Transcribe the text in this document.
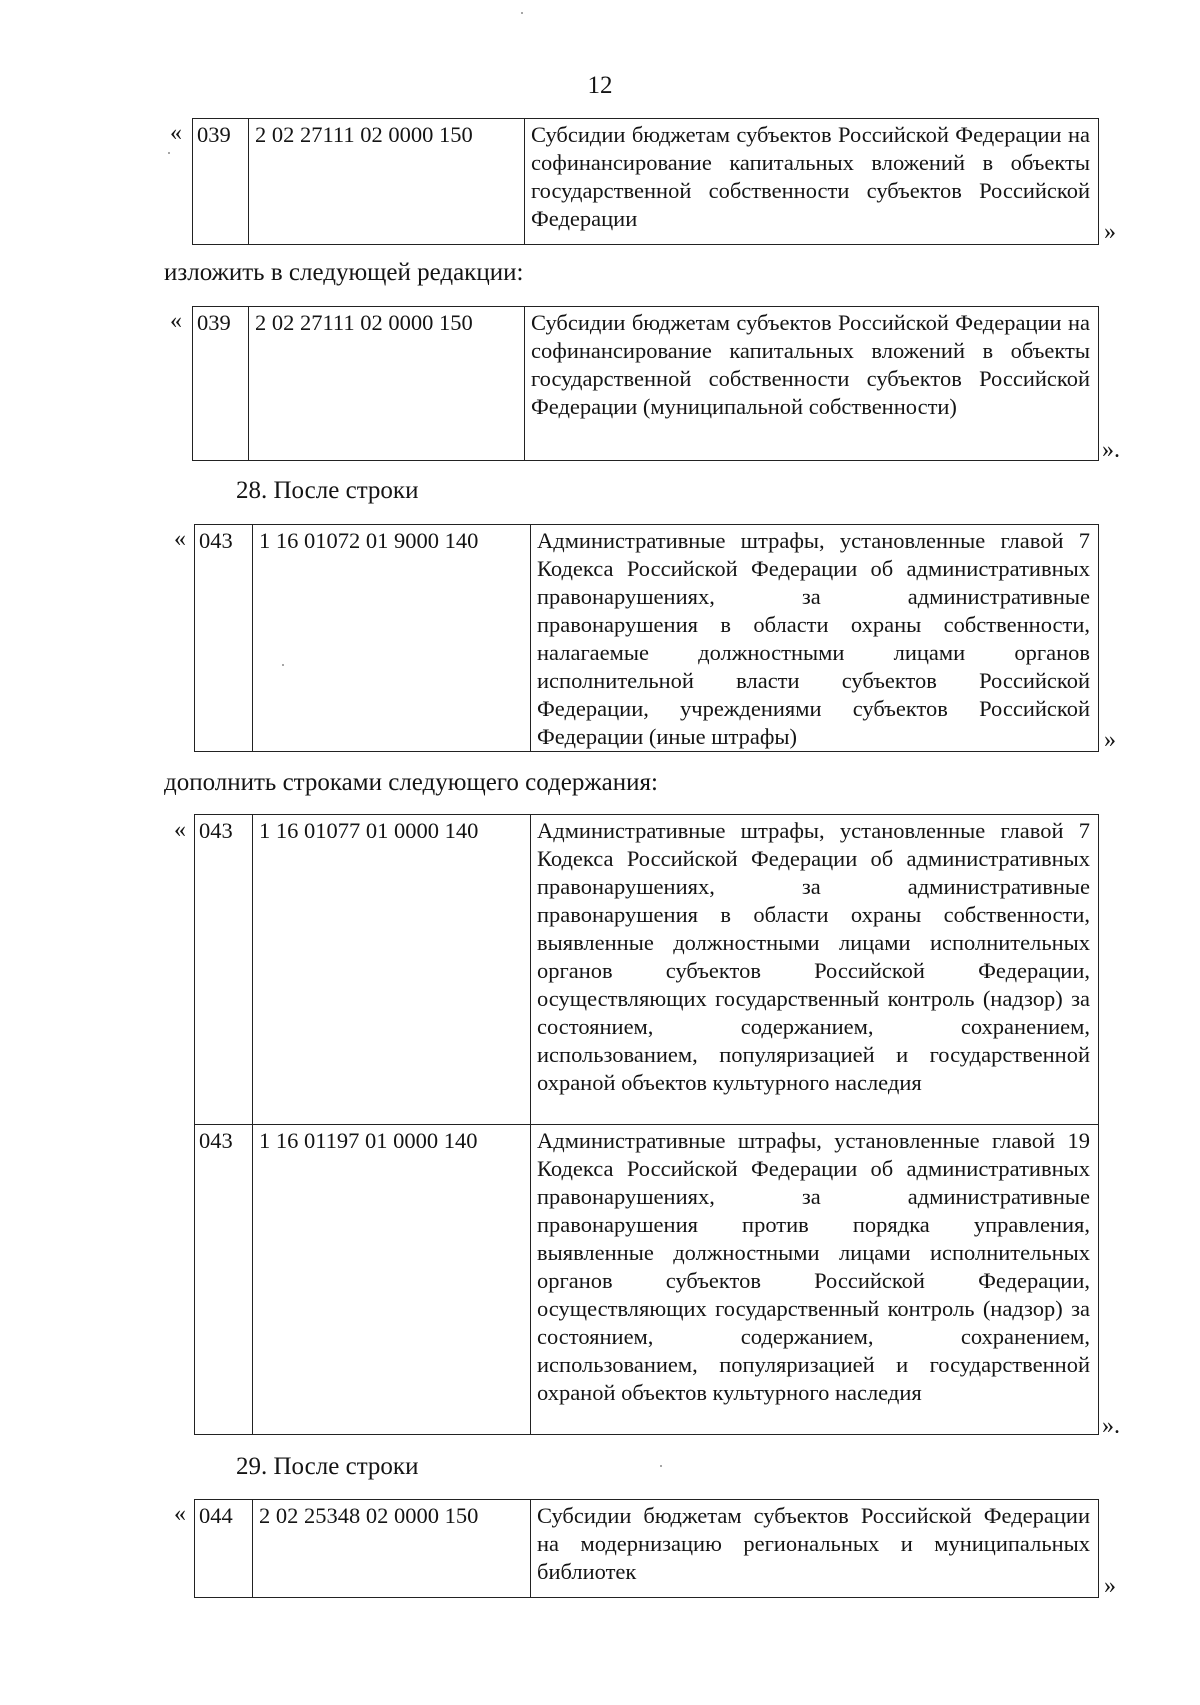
12
« 039	2 02 27111 02 0000 150	Субсидии бюджетам субъектов Российской Федерации на софинансирование капитальных вложений в объекты государственной собственности субъектов Российской Федерации
»
изложить в следующей редакции:
« 039	2 02 27111 02 0000 150	Субсидии бюджетам субъектов Российской Федерации на софинансирование капитальных вложений в объекты государственной собственности субъектов Российской Федерации (муниципальной собственности)
».
28. После строки
« 043	1 16 01072 01 9000 140	Административные штрафы, установленные главой 7 Кодекса Российской Федерации об административных правонарушениях, за административные правонарушения в области охраны собственности, налагаемые должностными лицами органов исполнительной власти субъектов Российской Федерации, учреждениями субъектов Российской Федерации (иные штрафы)	»
дополнить строками следующего содержания:
« 043	1 16 01077 01 0000 140	Административные штрафы, установленные главой 7 Кодекса Российской Федерации об административных правонарушениях, за административные правонарушения в области охраны собственности, выявленные должностными лицами исполнительных органов субъектов Российской Федерации, осуществляющих государственный контроль (надзор) за состоянием, содержанием, сохранением, использованием, популяризацией и государственной охраной объектов культурного наследия
043	1 16 01197 01 0000 140	Административные штрафы, установленные главой 19 Кодекса Российской Федерации об административных правонарушениях, за административные правонарушения против порядка управления, выявленные должностными лицами исполнительных органов субъектов Российской Федерации, осуществляющих государственный контроль (надзор) за состоянием, содержанием, сохранением, использованием, популяризацией и государственной охраной объектов культурного наследия
».
29. После строки
« 044	2 02 25348 02 0000 150	Субсидии бюджетам субъектов Российской Федерации на модернизацию региональных и муниципальных библиотек
»
